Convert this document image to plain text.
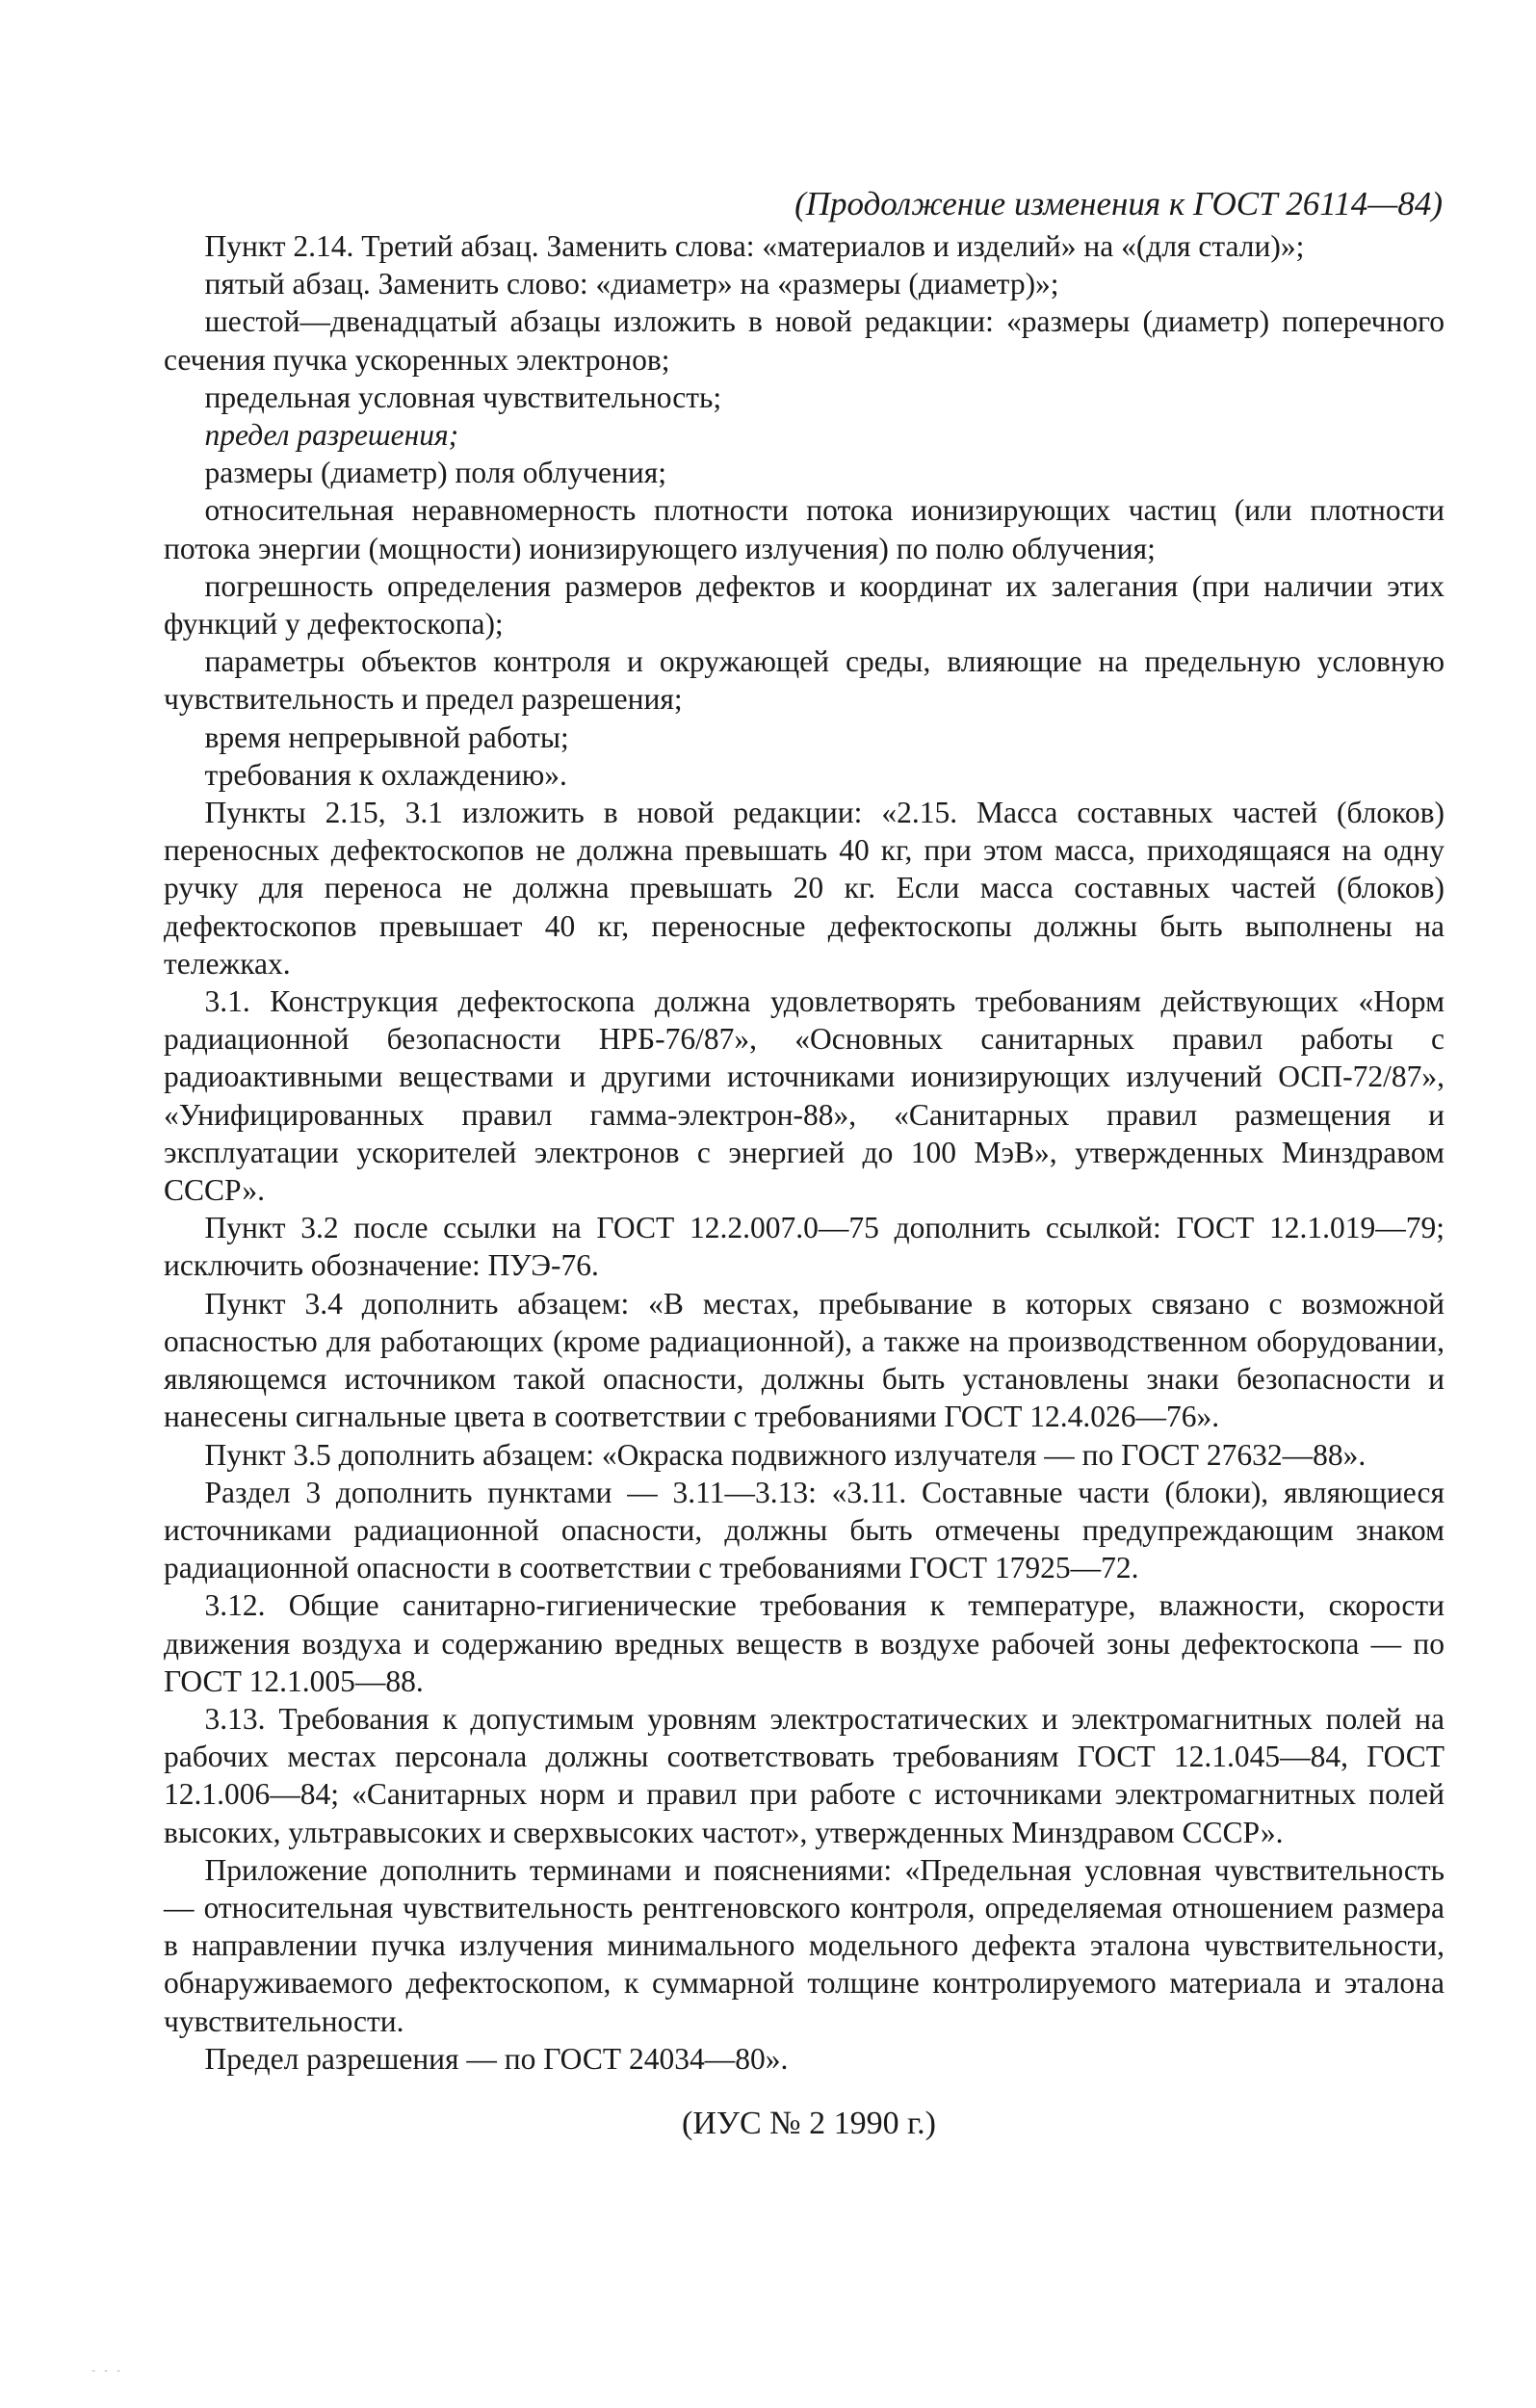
(Продолжение изменения к ГОСТ 26114—84)

Пункт 2.14. Третий абзац. Заменить слова: «материалов и изделий» на «(для стали)»;

пятый абзац. Заменить слово: «диаметр» на «размеры (диаметр)»;

шестой—двенадцатый абзацы изложить в новой редакции: «размеры (диаметр) поперечного сечения пучка ускоренных электронов;

предельная условная чувствительность;

предел разрешения;

размеры (диаметр) поля облучения;

относительная неравномерность плотности потока ионизирующих частиц (или плотности потока энергии (мощности) ионизирующего излучения) по полю облучения;

погрешность определения размеров дефектов и координат их залегания (при наличии этих функций у дефектоскопа);

параметры объектов контроля и окружающей среды, влияющие на предельную условную чувствительность и предел разрешения;

время непрерывной работы;

требования к охлаждению».

Пункты 2.15, 3.1 изложить в новой редакции: «2.15. Масса составных частей (блоков) переносных дефектоскопов не должна превышать 40 кг, при этом масса, приходящаяся на одну ручку для переноса не должна превышать 20 кг. Если масса составных частей (блоков) дефектоскопов превышает 40 кг, переносные дефектоскопы должны быть выполнены на тележках.

3.1. Конструкция дефектоскопа должна удовлетворять требованиям действующих «Норм радиационной безопасности НРБ-76/87», «Основных санитарных правил работы с радиоактивными веществами и другими источниками ионизирующих излучений ОСП-72/87», «Унифицированных правил гамма-электрон-88», «Санитарных правил размещения и эксплуатации ускорителей электронов с энергией до 100 МэВ», утвержденных Минздравом СССР».

Пункт 3.2 после ссылки на ГОСТ 12.2.007.0—75 дополнить ссылкой: ГОСТ 12.1.019—79; исключить обозначение: ПУЭ-76.

Пункт 3.4 дополнить абзацем: «В местах, пребывание в которых связано с возможной опасностью для работающих (кроме радиационной), а также на производственном оборудовании, являющемся источником такой опасности, должны быть установлены знаки безопасности и нанесены сигнальные цвета в соответствии с требованиями ГОСТ 12.4.026—76».

Пункт 3.5 дополнить абзацем: «Окраска подвижного излучателя — по ГОСТ 27632—88».

Раздел 3 дополнить пунктами — 3.11—3.13: «3.11. Составные части (блоки), являющиеся источниками радиационной опасности, должны быть отмечены предупреждающим знаком радиационной опасности в соответствии с требованиями ГОСТ 17925—72.

3.12. Общие санитарно-гигиенические требования к температуре, влажности, скорости движения воздуха и содержанию вредных веществ в воздухе рабочей зоны дефектоскопа — по ГОСТ 12.1.005—88.

3.13. Требования к допустимым уровням электростатических и электромагнитных полей на рабочих местах персонала должны соответствовать требованиям ГОСТ 12.1.045—84, ГОСТ 12.1.006—84; «Санитарных норм и правил при работе с источниками электромагнитных полей высоких, ультравысоких и сверхвысоких частот», утвержденных Минздравом СССР».

Приложение дополнить терминами и пояснениями: «Предельная условная чувствительность — относительная чувствительность рентгеновского контроля, определяемая отношением размера в направлении пучка излучения минимального модельного дефекта эталона чувствительности, обнаруживаемого дефектоскопом, к суммарной толщине контролируемого материала и эталона чувствительности.

Предел разрешения — по ГОСТ 24034—80».

(ИУС № 2 1990 г.)
